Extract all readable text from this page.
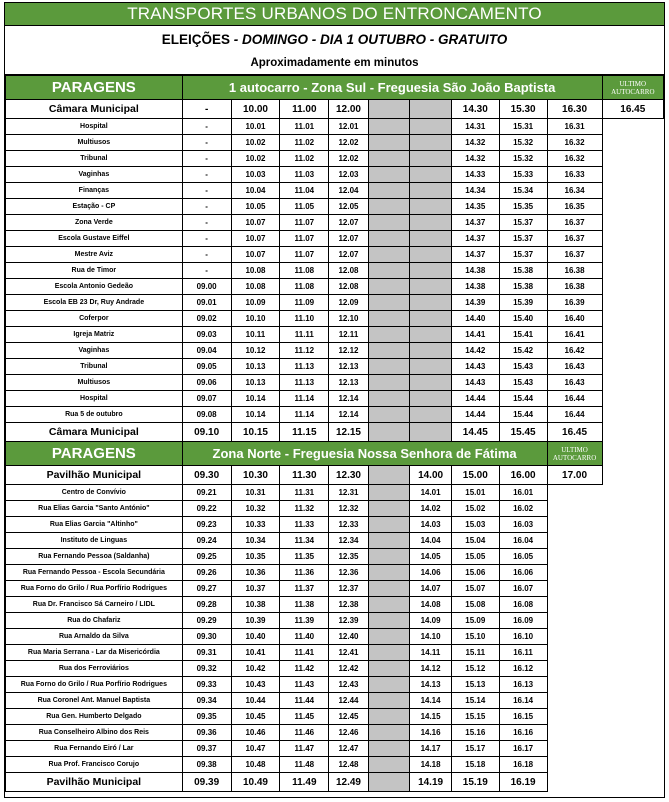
TRANSPORTES URBANOS DO ENTRONCAMENTO
ELEIÇÕES - DOMINGO - DIA 1 OUTUBRO - GRATUITO
Aproximadamente em minutos
PARAGENS	1 autocarro - Zona Sul - Freguesia São João Baptista									ULTIMO AUTOCARRO
Câmara Municipal	-	10.00	11.00	12.00			14.30	15.30	16.30	16.45
Hospital	-	10.01	11.01	12.01			14.31	15.31	16.31	
Multiusos	-	10.02	11.02	12.02			14.32	15.32	16.32	
Tribunal	-	10.02	11.02	12.02			14.32	15.32	16.32	
Vaginhas	-	10.03	11.03	12.03			14.33	15.33	16.33	
Finanças	-	10.04	11.04	12.04			14.34	15.34	16.34	
Estação - CP	-	10.05	11.05	12.05			14.35	15.35	16.35	
Zona Verde	-	10.07	11.07	12.07			14.37	15.37	16.37	
Escola Gustave Eiffel	-	10.07	11.07	12.07			14.37	15.37	16.37	
Mestre Aviz	-	10.07	11.07	12.07			14.37	15.37	16.37	
Rua de Timor	-	10.08	11.08	12.08			14.38	15.38	16.38	
Escola Antonio Gedeão	09.00	10.08	11.08	12.08			14.38	15.38	16.38	
Escola EB 23 Dr, Ruy Andrade	09.01	10.09	11.09	12.09			14.39	15.39	16.39	
Coferpor	09.02	10.10	11.10	12.10			14.40	15.40	16.40	
Igreja Matriz	09.03	10.11	11.11	12.11			14.41	15.41	16.41	
Vaginhas	09.04	10.12	11.12	12.12			14.42	15.42	16.42	
Tribunal	09.05	10.13	11.13	12.13			14.43	15.43	16.43	
Multiusos	09.06	10.13	11.13	12.13			14.43	15.43	16.43	
Hospital	09.07	10.14	11.14	12.14			14.44	15.44	16.44	
Rua 5 de outubro	09.08	10.14	11.14	12.14			14.44	15.44	16.44	
Câmara Municipal	09.10	10.15	11.15	12.15			14.45	15.45	16.45	
PARAGENS	Zona Norte - Freguesia Nossa Senhora de Fátima								ULTIMO AUTOCARRO	
Pavilhão Municipal	09.30	10.30	11.30	12.30		14.00	15.00	16.00	17.00	
Centro de Convívio	09.21	10.31	11.31	12.31		14.01	15.01	16.01		
Rua Elias Garcia "Santo António"	09.22	10.32	11.32	12.32		14.02	15.02	16.02		
Rua Elias Garcia "Altinho"	09.23	10.33	11.33	12.33		14.03	15.03	16.03		
Instituto de Linguas	09.24	10.34	11.34	12.34		14.04	15.04	16.04		
Rua Fernando Pessoa (Saldanha)	09.25	10.35	11.35	12.35		14.05	15.05	16.05		
Rua Fernando Pessoa - Escola Secundária	09.26	10.36	11.36	12.36		14.06	15.06	16.06		
Rua Forno do Grilo / Rua Porfírio Rodrigues	09.27	10.37	11.37	12.37		14.07	15.07	16.07		
Rua Dr. Francisco Sá Carneiro / LIDL	09.28	10.38	11.38	12.38		14.08	15.08	16.08		
Rua do Chafariz	09.29	10.39	11.39	12.39		14.09	15.09	16.09		
Rua Arnaldo da Silva	09.30	10.40	11.40	12.40		14.10	15.10	16.10		
Rua Maria Serrana - Lar da Misericórdia	09.31	10.41	11.41	12.41		14.11	15.11	16.11		
Rua dos Ferroviários	09.32	10.42	11.42	12.42		14.12	15.12	16.12		
Rua Forno do Grilo / Rua Porfírio Rodrigues	09.33	10.43	11.43	12.43		14.13	15.13	16.13		
Rua Coronel Ant. Manuel Baptista	09.34	10.44	11.44	12.44		14.14	15.14	16.14		
Rua Gen. Humberto Delgado	09.35	10.45	11.45	12.45		14.15	15.15	16.15		
Rua Conselheiro Albino dos Reis	09.36	10.46	11.46	12.46		14.16	15.16	16.16		
Rua Fernando Eiró / Lar	09.37	10.47	11.47	12.47		14.17	15.17	16.17		
Rua Prof. Francisco Corujo	09.38	10.48	11.48	12.48		14.18	15.18	16.18		
Pavilhão Municipal	09.39	10.49	11.49	12.49		14.19	15.19	16.19		
